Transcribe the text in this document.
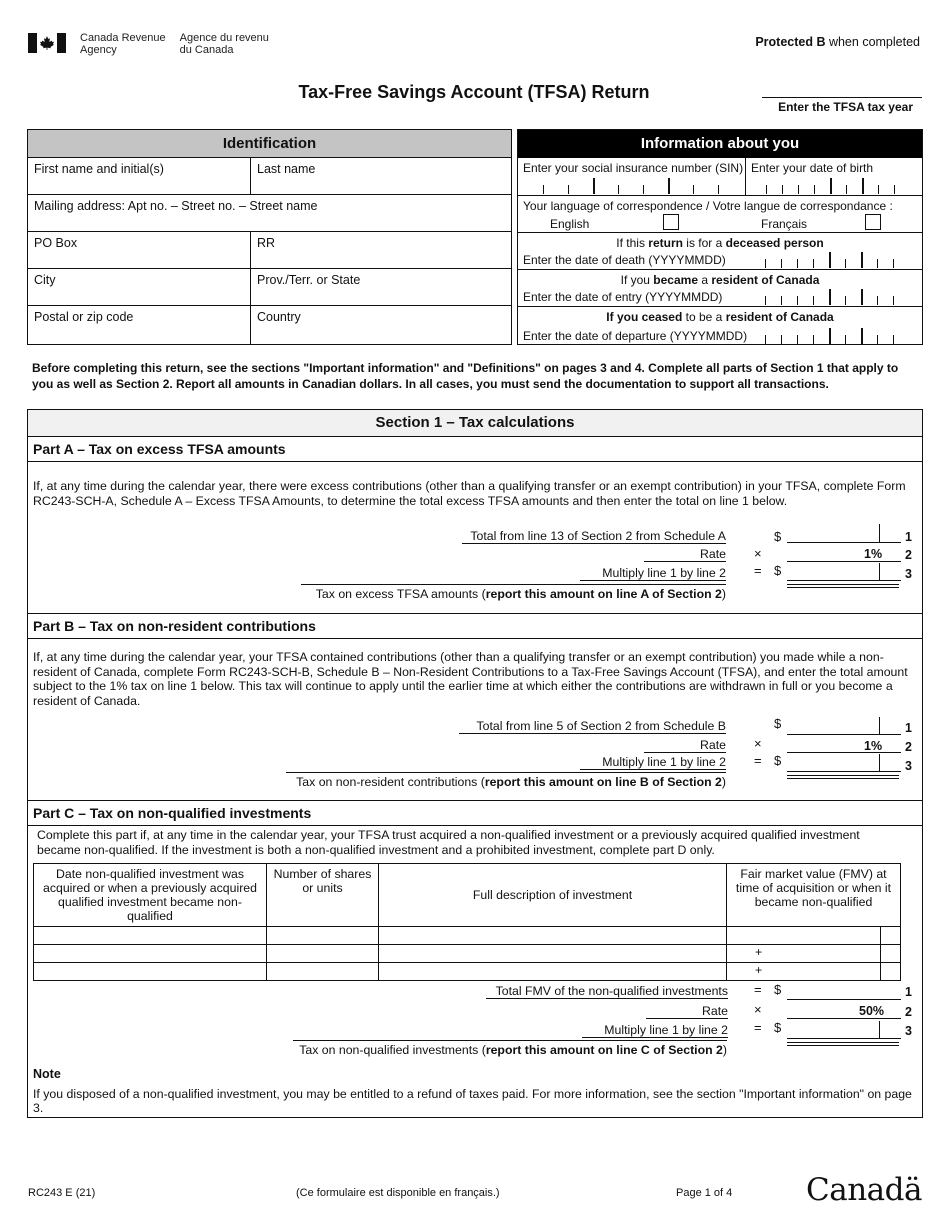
Canada Revenue
Agency
Agence du revenu
du Canada
Protected B when completed
Tax-Free Savings Account (TFSA) Return
Enter the TFSA tax year
Identification
First name and initial(s)	Last name
Mailing address: Apt no. – Street no. – Street name
PO Box	RR
City	Prov./Terr. or State
Postal or zip code	Country
Information about you
Enter your social insurance number (SIN) Enter your date of birth
Your language of correspondence / Votre langue de correspondance :
English	Français
If this return is for a deceased person
Enter the date of death (YYYYMMDD)
If you became a resident of Canada
Enter the date of entry (YYYYMMDD)
If you ceased to be a resident of Canada
Enter the date of departure (YYYYMMDD)
Before completing this return, see the sections "Important information" and "Definitions" on pages 3 and 4. Complete all parts of Section 1 that apply to you as well as Section 2. Report all amounts in Canadian dollars. In all cases, you must send the documentation to support all transactions.
Section 1 – Tax calculations
Part A – Tax on excess TFSA amounts
If, at any time during the calendar year, there were excess contributions (other than a qualifying transfer or an exempt contribution) in your TFSA, complete Form RC243-SCH-A, Schedule A – Excess TFSA Amounts, to determine the total excess TFSA amounts and then enter the total on line 1 below.
Total from line 13 of Section 2 from Schedule A	$	1
Rate ×	1% 2
Multiply line 1 by line 2 = $	3
Tax on excess TFSA amounts (report this amount on line A of Section 2)
Part B – Tax on non-resident contributions
If, at any time during the calendar year, your TFSA contained contributions (other than a qualifying transfer or an exempt contribution) you made while a non-resident of Canada, complete Form RC243-SCH-B, Schedule B – Non-Resident Contributions to a Tax-Free Savings Account (TFSA), and enter the total amount subject to the 1% tax on line 1 below. This tax will continue to apply until the earlier time at which either the contributions are withdrawn in full or you become a resident of Canada.
Total from line 5 of Section 2 from Schedule B	$	1
Rate ×	1% 2
Multiply line 1 by line 2 = $	3
Tax on non-resident contributions (report this amount on line B of Section 2)
Part C – Tax on non-qualified investments
Complete this part if, at any time in the calendar year, your TFSA trust acquired a non-qualified investment or a previously acquired qualified investment became non-qualified. If the investment is both a non-qualified investment and a prohibited investment, complete part D only.
Date non-qualified investment was acquired or when a previously acquired qualified investment became non-qualified	Number of shares or units	Full description of investment	Fair market value (FMV) at time of acquisition or when it became non-qualified	

			+	
			+	
Total FMV of the non-qualified investments = $	1
Rate ×	50% 2
Multiply line 1 by line 2 = $	3
Tax on non-qualified investments (report this amount on line C of Section 2)
Note
If you disposed of a non-qualified investment, you may be entitled to a refund of taxes paid. For more information, see the section "Important information" on page 3.
RC243 E (21)	(Ce formulaire est disponible en français.)	Page 1 of 4 Canadä
